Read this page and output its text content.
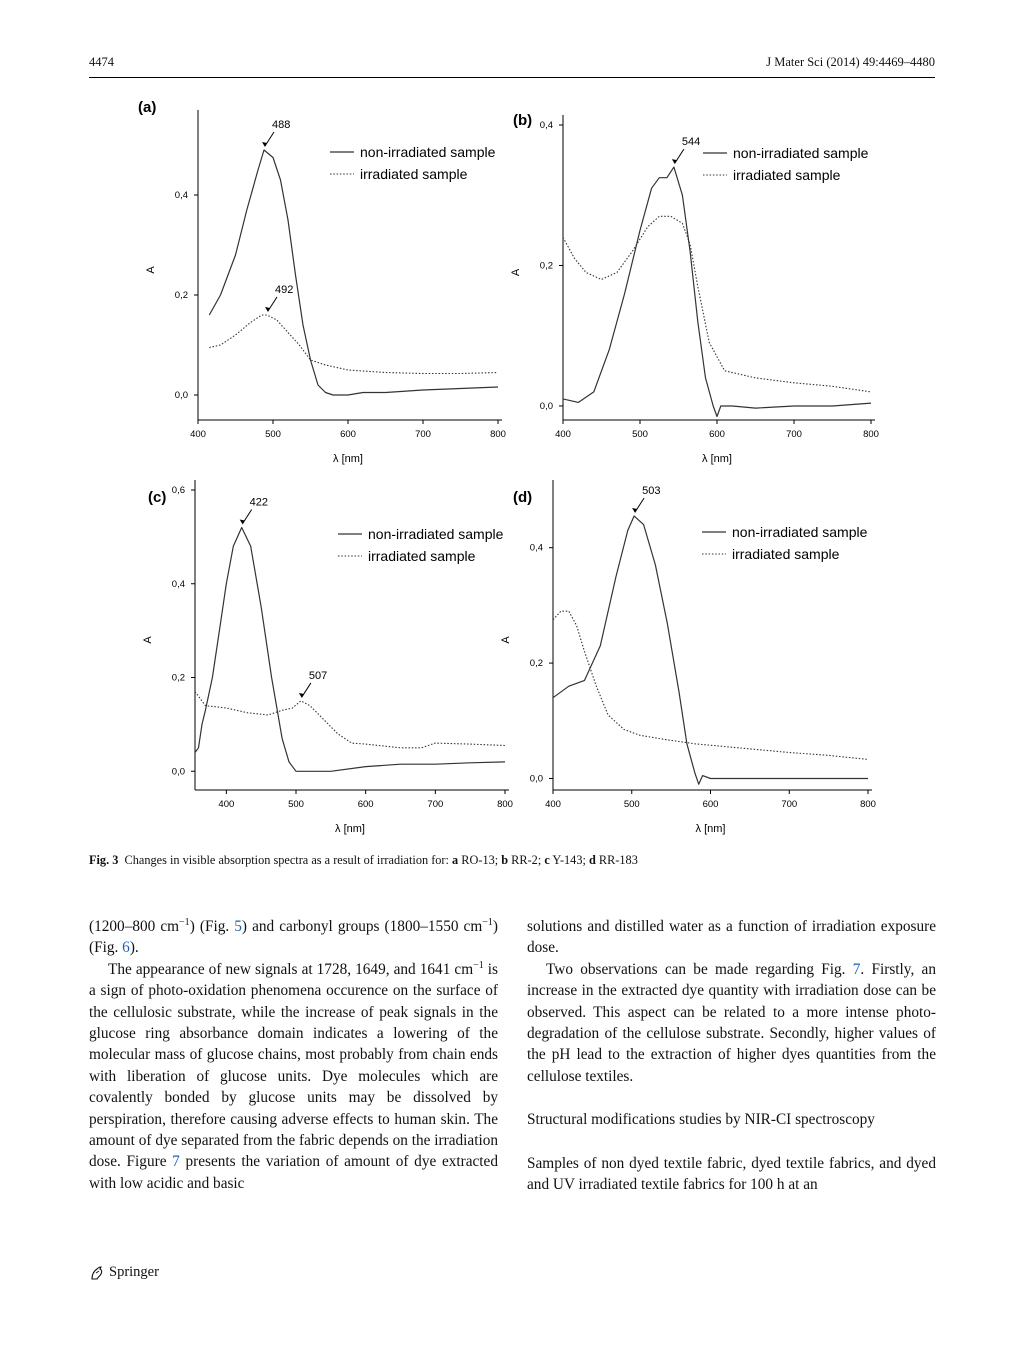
4474	J Mater Sci (2014) 49:4469–4480
(a)
400	500	600	700	800
0,0
0,2
0,4
λ [nm]
A
488
492
non-irradiated sample
irradiated sample
(b)
400	500	600	700	800
0,0
0,2
0,4
λ [nm]
A
544
non-irradiated sample
irradiated sample
(c)
400	500	600	700	800
0,0
0,2
0,4
0,6
λ [nm]
A
422
507
non-irradiated sample
irradiated sample
(d)
400	500	600	700	800
0,0
0,2
0,4
λ [nm]
A
503
non-irradiated sample
irradiated sample
Fig. 3 Changes in visible absorption spectra as a result of irradiation for: a RO-13; b RR-2; c Y-143; d RR-183

(1200–800 $cm^{-1}$) (Fig. 5) and carbonyl groups (1800–1550 $cm^{-1}$) (Fig. 6).

The appearance of new signals at 1728, 1649, and 1641 $cm^{-1}$ is a sign of photo-oxidation phenomena occurence on the surface of the cellulosic substrate, while the increase of peak signals in the glucose ring absorbance domain indicates a lowering of the molecular mass of glucose chains, most probably from chain ends with liberation of glucose units. Dye molecules which are covalently bonded by glucose units may be dissolved by perspiration, therefore causing adverse effects to human skin. The amount of dye separated from the fabric depends on the irradiation dose. Figure 7 presents the variation of amount of dye extracted with low acidic and basic

solutions and distilled water as a function of irradiation exposure dose.

Two observations can be made regarding Fig. 7. Firstly, an increase in the extracted dye quantity with irradiation dose can be observed. This aspect can be related to a more intense photo-degradation of the cellulose substrate. Secondly, higher values of the pH lead to the extraction of higher dyes quantities from the cellulose textiles.

Structural modifications studies by NIR-CI spectroscopy

Samples of non dyed textile fabric, dyed textile fabrics, and dyed and UV irradiated textile fabrics for 100 h at an

Springer
